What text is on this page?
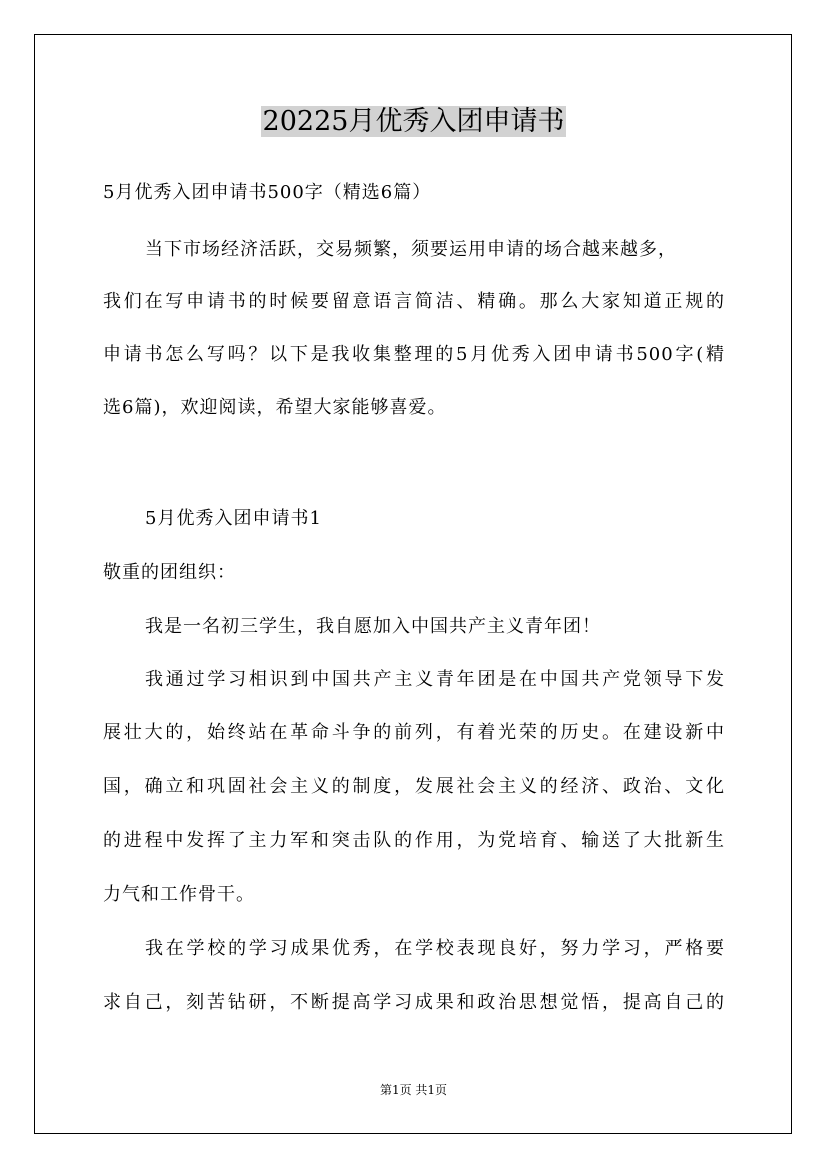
20225月优秀入团申请书
5月优秀入团申请书500字（精选6篇）
当下市场经济活跃，交易频繁，须要运用申请的场合越来越多，
我们在写申请书的时候要留意语言简洁、精确。那么大家知道正规的
申请书怎么写吗？以下是我收集整理的5月优秀入团申请书500字(精
选6篇)，欢迎阅读，希望大家能够喜爱。
5月优秀入团申请书1
敬重的团组织：
我是一名初三学生，我自愿加入中国共产主义青年团！
我通过学习相识到中国共产主义青年团是在中国共产党领导下发
展壮大的，始终站在革命斗争的前列，有着光荣的历史。在建设新中
国，确立和巩固社会主义的制度，发展社会主义的经济、政治、文化
的进程中发挥了主力军和突击队的作用，为党培育、输送了大批新生
力气和工作骨干。
我在学校的学习成果优秀，在学校表现良好，努力学习，严格要
求自己，刻苦钻研，不断提高学习成果和政治思想觉悟，提高自己的
第1页 共1页
